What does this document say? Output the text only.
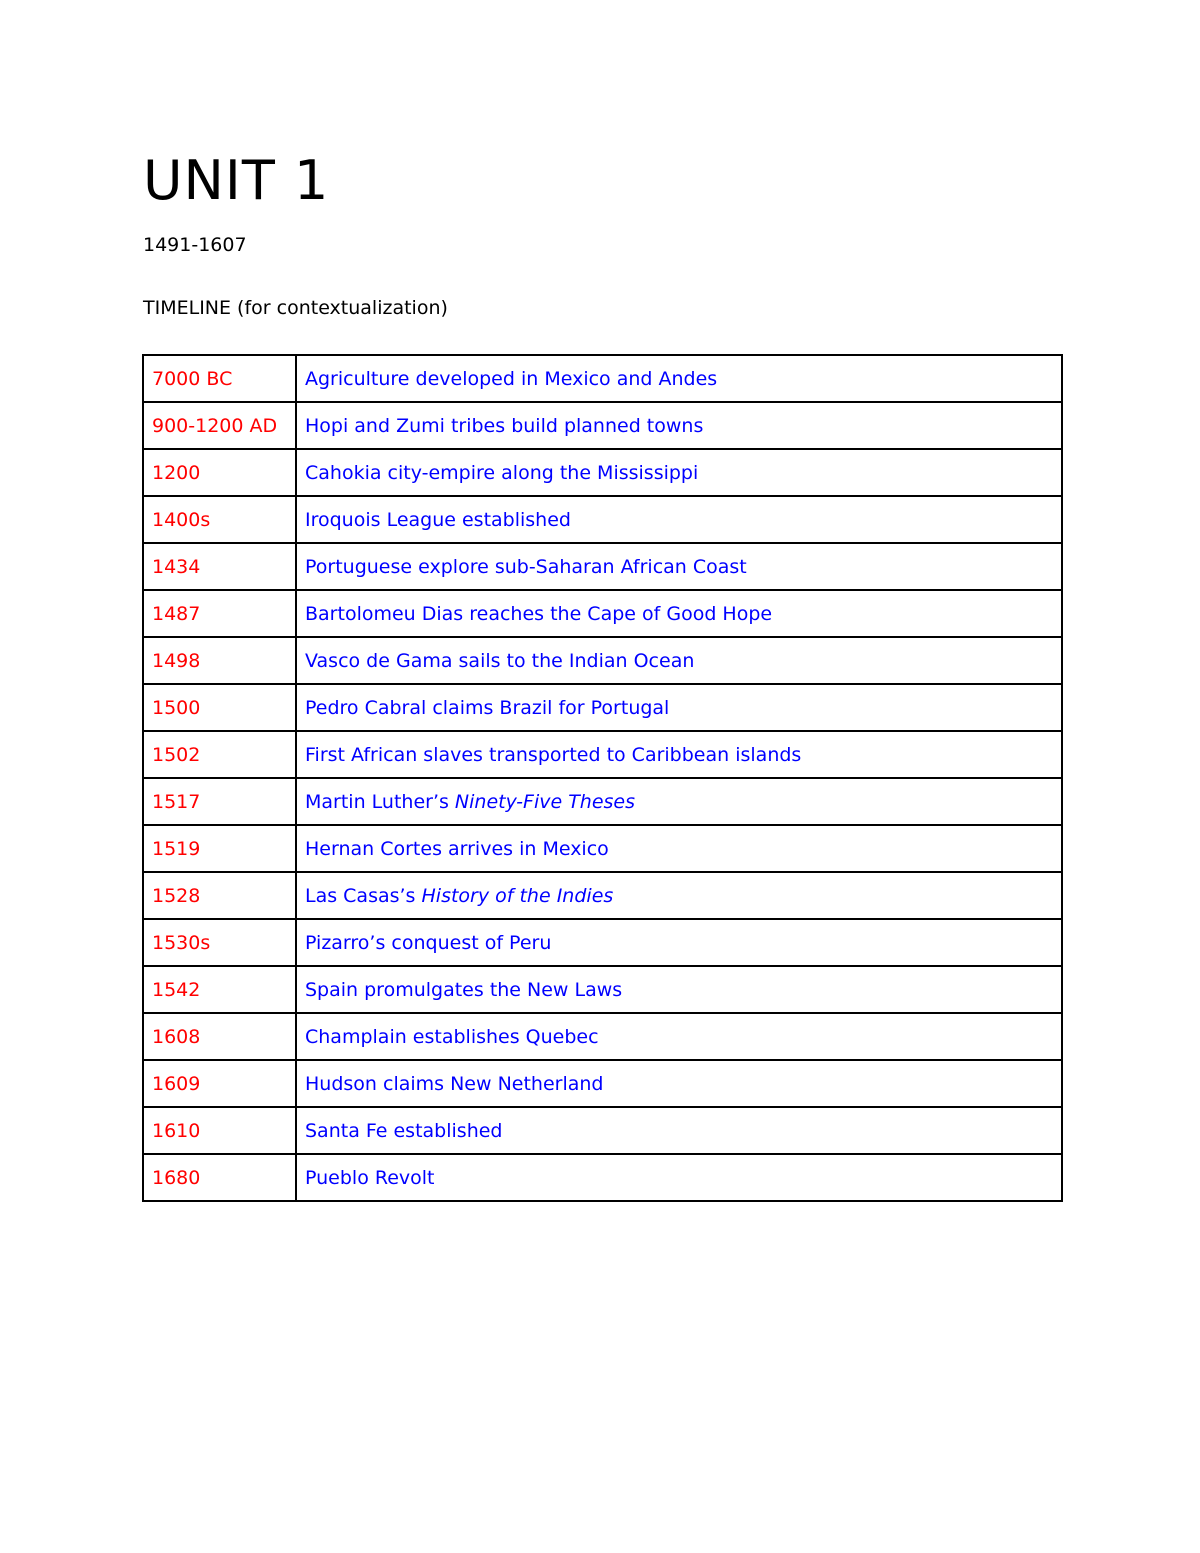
UNIT 1
1491-1607
TIMELINE (for contextualization)
7000 BC	Agriculture developed in Mexico and Andes
900-1200 AD	Hopi and Zumi tribes build planned towns
1200	Cahokia city-empire along the Mississippi
1400s	Iroquois League established
1434	Portuguese explore sub-Saharan African Coast
1487	Bartolomeu Dias reaches the Cape of Good Hope
1498	Vasco de Gama sails to the Indian Ocean
1500	Pedro Cabral claims Brazil for Portugal
1502	First African slaves transported to Caribbean islands
1517	Martin Luther’s Ninety-Five Theses
1519	Hernan Cortes arrives in Mexico
1528	Las Casas’s History of the Indies
1530s	Pizarro’s conquest of Peru
1542	Spain promulgates the New Laws
1608	Champlain establishes Quebec
1609	Hudson claims New Netherland
1610	Santa Fe established
1680	Pueblo Revolt
